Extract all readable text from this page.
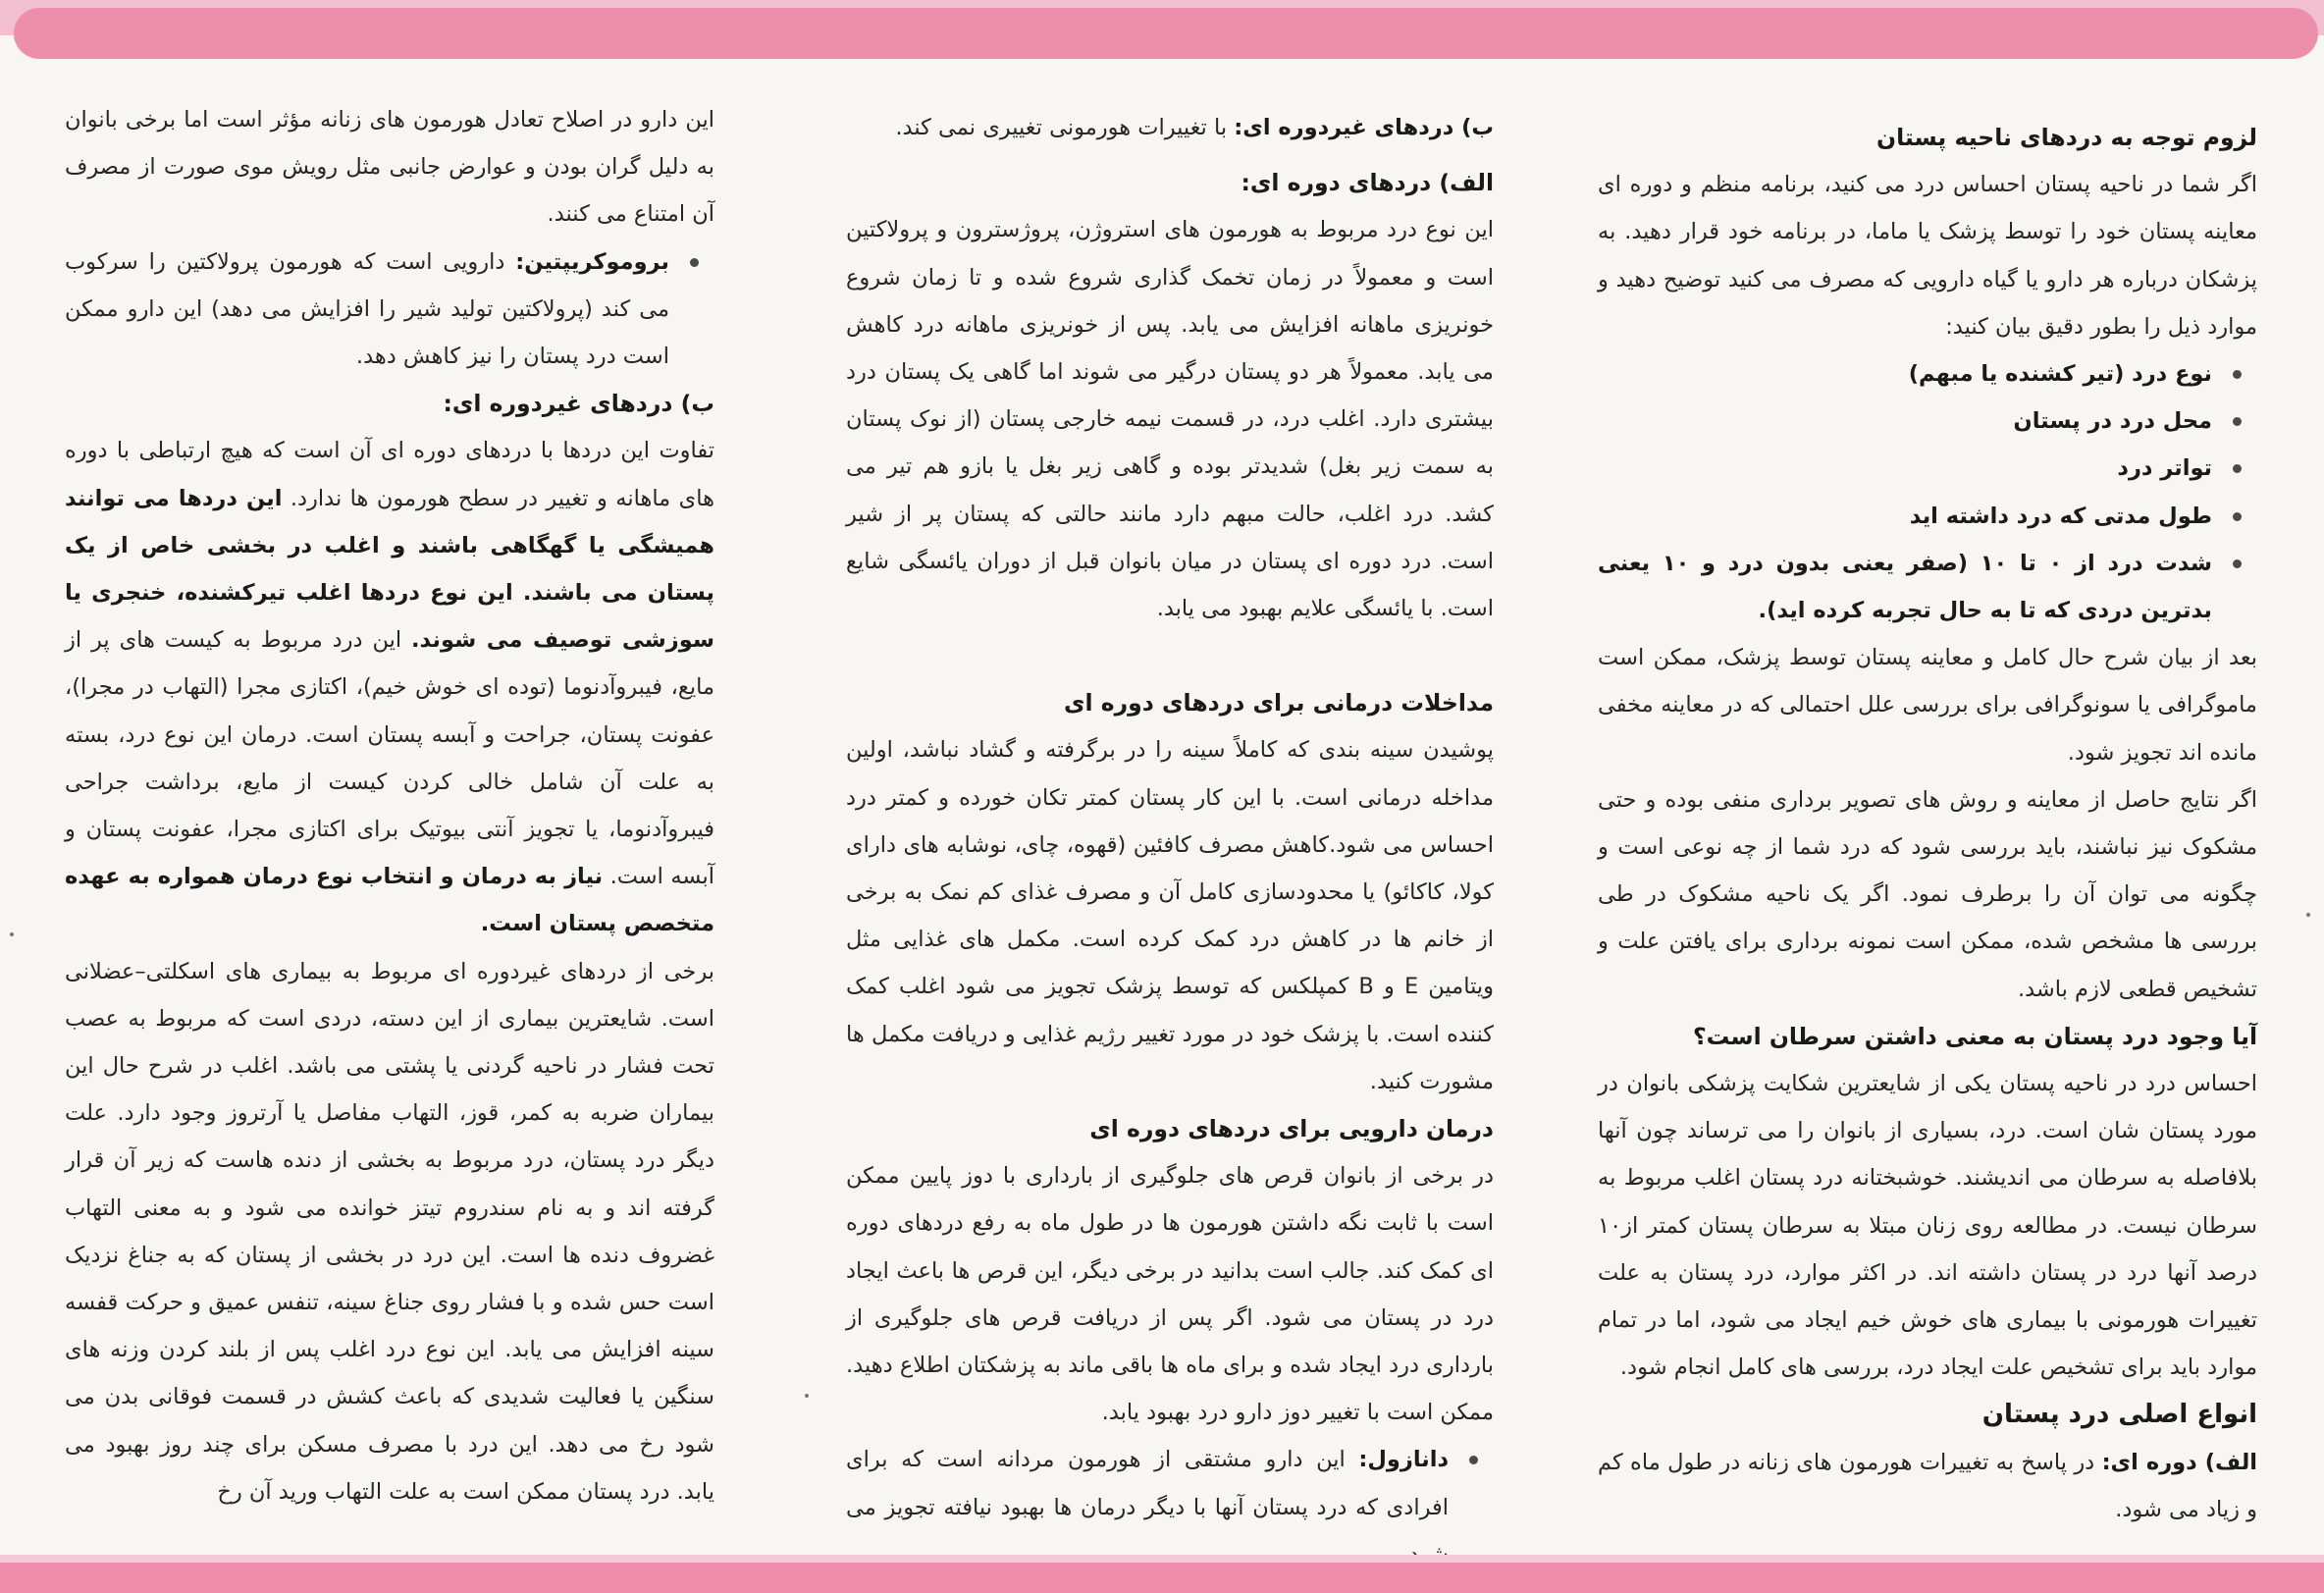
لزوم توجه به دردهای ناحیه پستان

اگر شما در ناحیه پستان احساس درد می کنید، برنامه منظم و دوره ای معاینه پستان خود را توسط پزشک یا ماما، در برنامه خود قرار دهید. به پزشکان درباره هر دارو یا گیاه دارویی که مصرف می کنید توضیح دهید و موارد ذیل را بطور دقیق بیان کنید:

نوع درد (تیر کشنده یا مبهم)
محل درد در پستان
تواتر درد
طول مدتی که درد داشته اید
شدت درد از ۰ تا ۱۰ (صفر یعنی بدون درد و ۱۰ یعنی بدترین دردی که تا به حال تجربه کرده اید).

بعد از بیان شرح حال کامل و معاینه پستان توسط پزشک، ممکن است ماموگرافی یا سونوگرافی برای بررسی علل احتمالی که در معاینه مخفی مانده اند تجویز شود.

اگر نتایج حاصل از معاینه و روش های تصویر برداری منفی بوده و حتی مشکوک نیز نباشند، باید بررسی شود که درد شما از چه نوعی است و چگونه می توان آن را برطرف نمود. اگر یک ناحیه مشکوک در طی بررسی ها مشخص شده، ممکن است نمونه برداری برای یافتن علت و تشخیص قطعی لازم باشد.

آیا وجود درد پستان به معنی داشتن سرطان است؟

احساس درد در ناحیه پستان یکی از شایعترین شکایت پزشکی بانوان در مورد پستان شان است. درد، بسیاری از بانوان را می ترساند چون آنها بلافاصله به سرطان می اندیشند. خوشبختانه درد پستان اغلب مربوط به سرطان نیست. در مطالعه روی زنان مبتلا به سرطان پستان کمتر از۱۰ درصد آنها درد در پستان داشته اند. در اکثر موارد، درد پستان به علت تغییرات هورمونی با بیماری های خوش خیم ایجاد می شود، اما در تمام موارد باید برای تشخیص علت ایجاد درد، بررسی های کامل انجام شود.

انواع اصلی درد پستان

الف) دوره ای: در پاسخ به تغییرات هورمون های زنانه در طول ماه کم و زیاد می شود.

ب) دردهای غیردوره ای: با تغییرات هورمونی تغییری نمی کند.

الف) دردهای دوره ای:

این نوع درد مربوط به هورمون های استروژن، پروژسترون و پرولاکتین است و معمولاً در زمان تخمک گذاری شروع شده و تا زمان شروع خونریزی ماهانه افزایش می یابد. پس از خونریزی ماهانه درد کاهش می یابد. معمولاً هر دو پستان درگیر می شوند اما گاهی یک پستان درد بیشتری دارد. اغلب درد، در قسمت نیمه خارجی پستان (از نوک پستان به سمت زیر بغل) شدیدتر بوده و گاهی زیر بغل یا بازو هم تیر می کشد. درد اغلب، حالت مبهم دارد مانند حالتی که پستان پر از شیر است. درد دوره ای پستان در میان بانوان قبل از دوران یائسگی شایع است. با یائسگی علایم بهبود می یابد.

مداخلات درمانی برای دردهای دوره ای

پوشیدن سینه بندی که کاملاً سینه را در برگرفته و گشاد نباشد، اولین مداخله درمانی است. با این کار پستان کمتر تکان خورده و کمتر درد احساس می شود.کاهش مصرف کافئین (قهوه، چای، نوشابه های دارای کولا، کاکائو) یا محدودسازی کامل آن و مصرف غذای کم نمک به برخی از خانم ها در کاهش درد کمک کرده است. مکمل های غذایی مثل ویتامین E و B کمپلکس که توسط پزشک تجویز می شود اغلب کمک کننده است. با پزشک خود در مورد تغییر رژیم غذایی و دریافت مکمل ها مشورت کنید.

درمان دارویی برای دردهای دوره ای

در برخی از بانوان قرص های جلوگیری از بارداری با دوز پایین ممکن است با ثابت نگه داشتن هورمون ها در طول ماه به رفع دردهای دوره ای کمک کند. جالب است بدانید در برخی دیگر، این قرص ها باعث ایجاد درد در پستان می شود. اگر پس از دریافت قرص های جلوگیری از بارداری درد ایجاد شده و برای ماه ها باقی ماند به پزشکتان اطلاع دهید. ممکن است با تغییر دوز دارو درد بهبود یابد.

دانازول: این دارو مشتقی از هورمون مردانه است که برای افرادی که درد پستان آنها با دیگر درمان ها بهبود نیافته تجویز می

این دارو در اصلاح تعادل هورمون های زنانه مؤثر است اما برخی بانوان به دلیل گران بودن و عوارض جانبی مثل رویش موی صورت از مصرف آن امتناع می کنند.

بروموکریپتین: دارویی است که هورمون پرولاکتین را سرکوب می کند (پرولاکتین تولید شیر را افزایش می دهد) این دارو ممکن است درد پستان را نیز کاهش دهد.
ب) دردهای غیردوره ای:

تفاوت این دردها با دردهای دوره ای آن است که هیچ ارتباطی با دوره های ماهانه و تغییر در سطح هورمون ها ندارد. این دردها می توانند همیشگی یا گهگاهی باشند و اغلب در بخشی خاص از یک پستان می باشند. این نوع دردها اغلب تیرکشنده، خنجری یا سوزشی توصیف می شوند. این درد مربوط به کیست های پر از مایع، فیبروآدنوما (توده ای خوش خیم)، اکتازی مجرا (التهاب در مجرا)، عفونت پستان، جراحت و آبسه پستان است. درمان این نوع درد، بسته به علت آن شامل خالی کردن کیست از مایع، برداشت جراحی فیبروآدنوما، یا تجویز آنتی بیوتیک برای اکتازی مجرا، عفونت پستان و آبسه است. نیاز به درمان و انتخاب نوع درمان همواره به عهده متخصص پستان است.

برخی از دردهای غیردوره ای مربوط به بیماری های اسکلتی–عضلانی است. شایعترین بیماری از این دسته، دردی است که مربوط به عصب تحت فشار در ناحیه گردنی یا پشتی می باشد. اغلب در شرح حال این بیماران ضربه به کمر، قوز، التهاب مفاصل یا آرتروز وجود دارد. علت دیگر درد پستان، درد مربوط به بخشی از دنده هاست که زیر آن قرار گرفته اند و به نام سندروم تیتز خوانده می شود و به معنی التهاب غضروف دنده ها است. این درد در بخشی از پستان که به جناغ نزدیک است حس شده و با فشار روی جناغ سینه، تنفس عمیق و حرکت قفسه سینه افزایش می یابد. این نوع درد اغلب پس از بلند کردن وزنه های سنگین یا فعالیت شدیدی که باعث کشش در قسمت فوقانی بدن می شود رخ می دهد. این درد با مصرف مسکن برای چند روز بهبود می یابد. درد پستان ممکن است به علت التهاب ورید آن رخ
